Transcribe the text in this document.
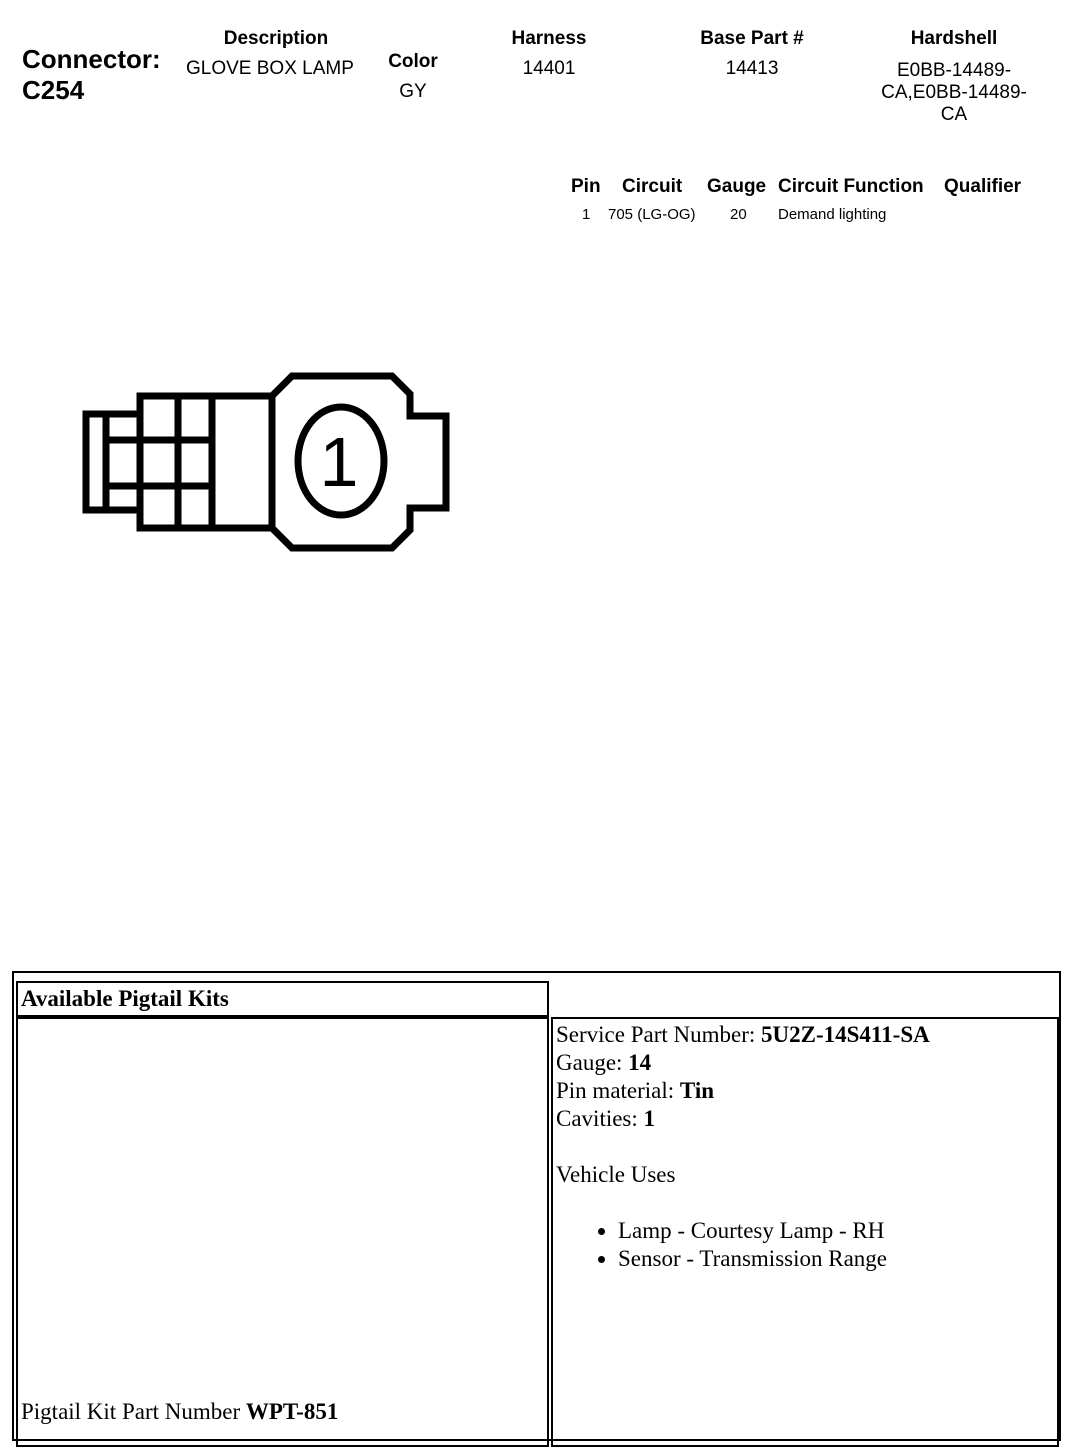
Connector:
C254
Description
GLOVE BOX LAMP	Color
GY
Harness
14401
Base Part #
14413
Hardshell
E0BB-14489-
CA,E0BB-14489-
CA
Pin Circuit Gauge Circuit Function Qualifier
1 705 (LG-OG) 20 Demand lighting
1
Available Pigtail Kits
Pigtail Kit Part Number WPT-851
Service Part Number: 5U2Z-14S411-SA
Gauge: 14
Pin material: Tin
Cavities: 1
Vehicle Uses
• Lamp - Courtesy Lamp - RH
• Sensor - Transmission Range
